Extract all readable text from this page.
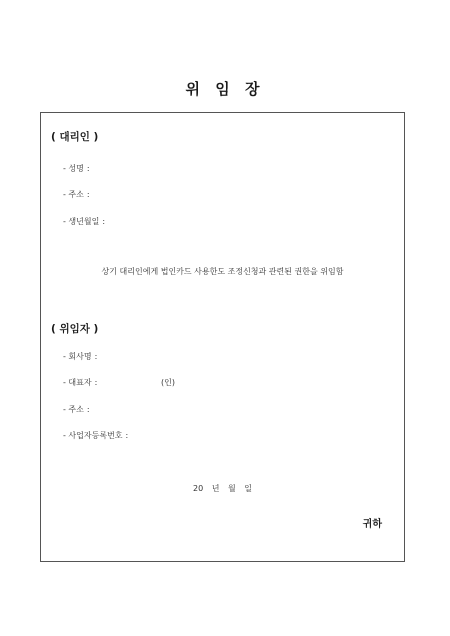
위 임 장
( 대리인 )
- 성명 :
- 주소 :
- 생년월일 :
상기 대리인에게 법인카드 사용한도 조정신청과 관련된 권한을 위임함
( 위임자 )
- 회사명 :
- 대표자 :	(인)
- 주소 :
- 사업자등록번호 :
20 년 월 일
귀하
